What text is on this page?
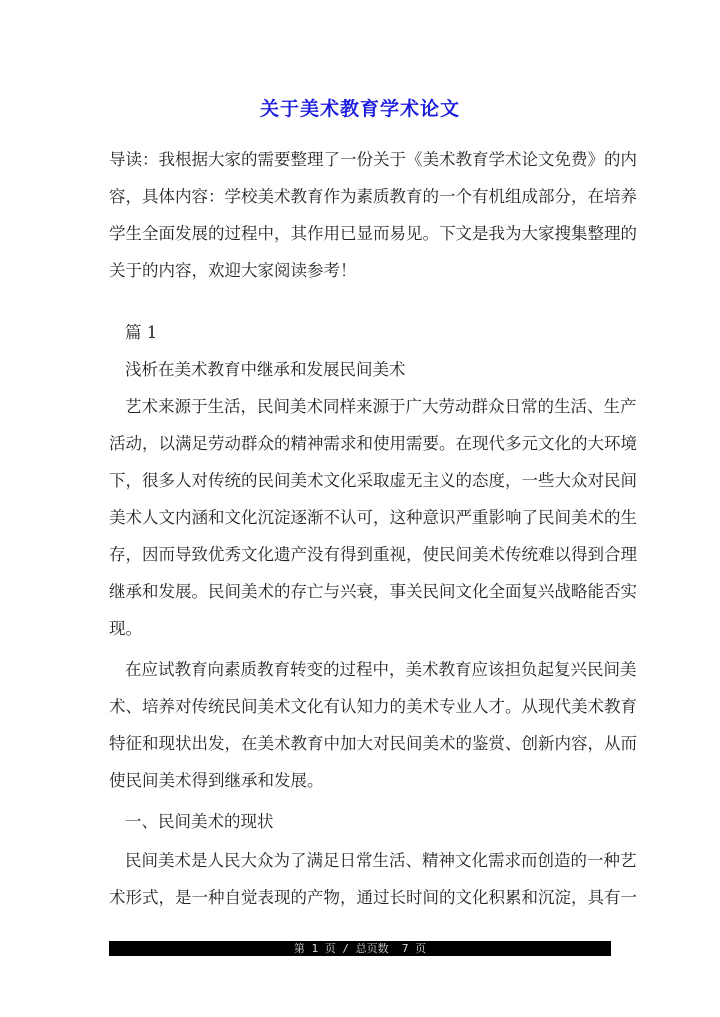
关于美术教育学术论文
导读：我根据大家的需要整理了一份关于《美术教育学术论文免费》的内
容，具体内容：学校美术教育作为素质教育的一个有机组成部分，在培养
学生全面发展的过程中，其作用已显而易见。下文是我为大家搜集整理的
关于的内容，欢迎大家阅读参考！
篇 1
浅析在美术教育中继承和发展民间美术
艺术来源于生活，民间美术同样来源于广大劳动群众日常的生活、生产
活动，以满足劳动群众的精神需求和使用需要。在现代多元文化的大环境
下，很多人对传统的民间美术文化采取虚无主义的态度，一些大众对民间
美术人文内涵和文化沉淀逐渐不认可，这种意识严重影响了民间美术的生
存，因而导致优秀文化遗产没有得到重视，使民间美术传统难以得到合理
继承和发展。民间美术的存亡与兴衰，事关民间文化全面复兴战略能否实
现。
在应试教育向素质教育转变的过程中，美术教育应该担负起复兴民间美
术、培养对传统民间美术文化有认知力的美术专业人才。从现代美术教育
特征和现状出发，在美术教育中加大对民间美术的鉴赏、创新内容，从而
使民间美术得到继承和发展。
一、民间美术的现状
民间美术是人民大众为了满足日常生活、精神文化需求而创造的一种艺
术形式，是一种自觉表现的产物，通过长时间的文化积累和沉淀，具有一
第 1 页 / 总页数  7 页
